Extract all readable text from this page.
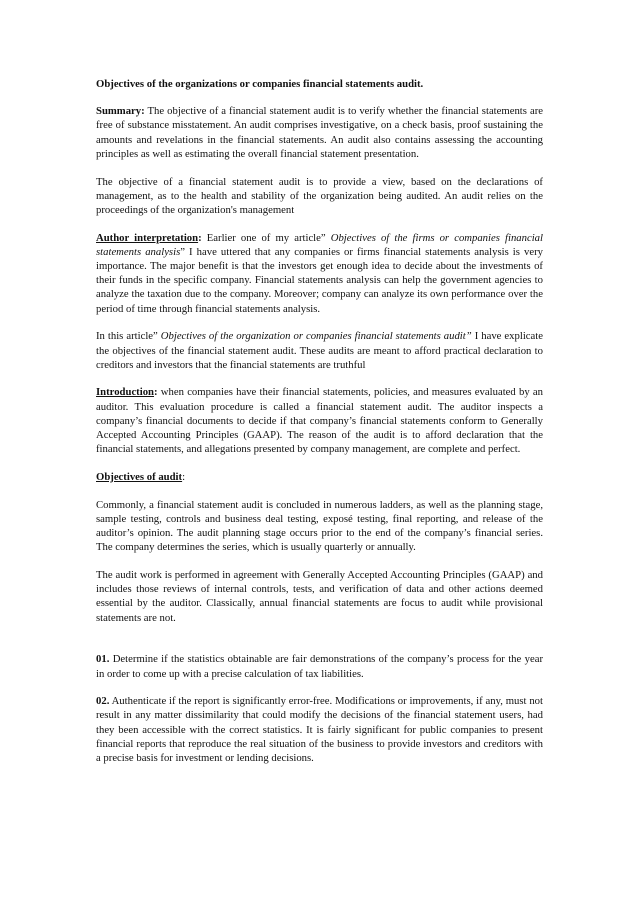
Objectives of the organizations or companies financial statements audit.

Summary: The objective of a financial statement audit is to verify whether the financial statements are free of substance misstatement. An audit comprises investigative, on a check basis, proof sustaining the amounts and revelations in the financial statements. An audit also contains assessing the accounting principles as well as estimating the overall financial statement presentation.

The objective of a financial statement audit is to provide a view, based on the declarations of management, as to the health and stability of the organization being audited. An audit relies on the proceedings of the organization's management

Author interpretation: Earlier one of my article” Objectives of the firms or companies financial statements analysis” I have uttered that any companies or firms financial statements analysis is very importance. The major benefit is that the investors get enough idea to decide about the investments of their funds in the specific company. Financial statements analysis can help the government agencies to analyze the taxation due to the company. Moreover; company can analyze its own performance over the period of time through financial statements analysis.

In this article” Objectives of the organization or companies financial statements audit” I have explicate the objectives of the financial statement audit. These audits are meant to afford practical declaration to creditors and investors that the financial statements are truthful

Introduction: when companies have their financial statements, policies, and measures evaluated by an auditor. This evaluation procedure is called a financial statement audit. The auditor inspects a company’s financial documents to decide if that company’s financial statements conform to Generally Accepted Accounting Principles (GAAP). The reason of the audit is to afford declaration that the financial statements, and allegations presented by company management, are complete and perfect.

Objectives of audit:

Commonly, a financial statement audit is concluded in numerous ladders, as well as the planning stage, sample testing, controls and business deal testing, exposé testing, final reporting, and release of the auditor’s opinion. The audit planning stage occurs prior to the end of the company’s financial series. The company determines the series, which is usually quarterly or annually.

The audit work is performed in agreement with Generally Accepted Accounting Principles (GAAP) and includes those reviews of internal controls, tests, and verification of data and other actions deemed essential by the auditor. Classically, annual financial statements are focus to audit while provisional statements are not.

01. Determine if the statistics obtainable are fair demonstrations of the company’s process for the year in order to come up with a precise calculation of tax liabilities.

02. Authenticate if the report is significantly error-free. Modifications or improvements, if any, must not result in any matter dissimilarity that could modify the decisions of the financial statement users, had they been accessible with the correct statistics. It is fairly significant for public companies to present financial reports that reproduce the real situation of the business to provide investors and creditors with a precise basis for investment or lending decisions.
